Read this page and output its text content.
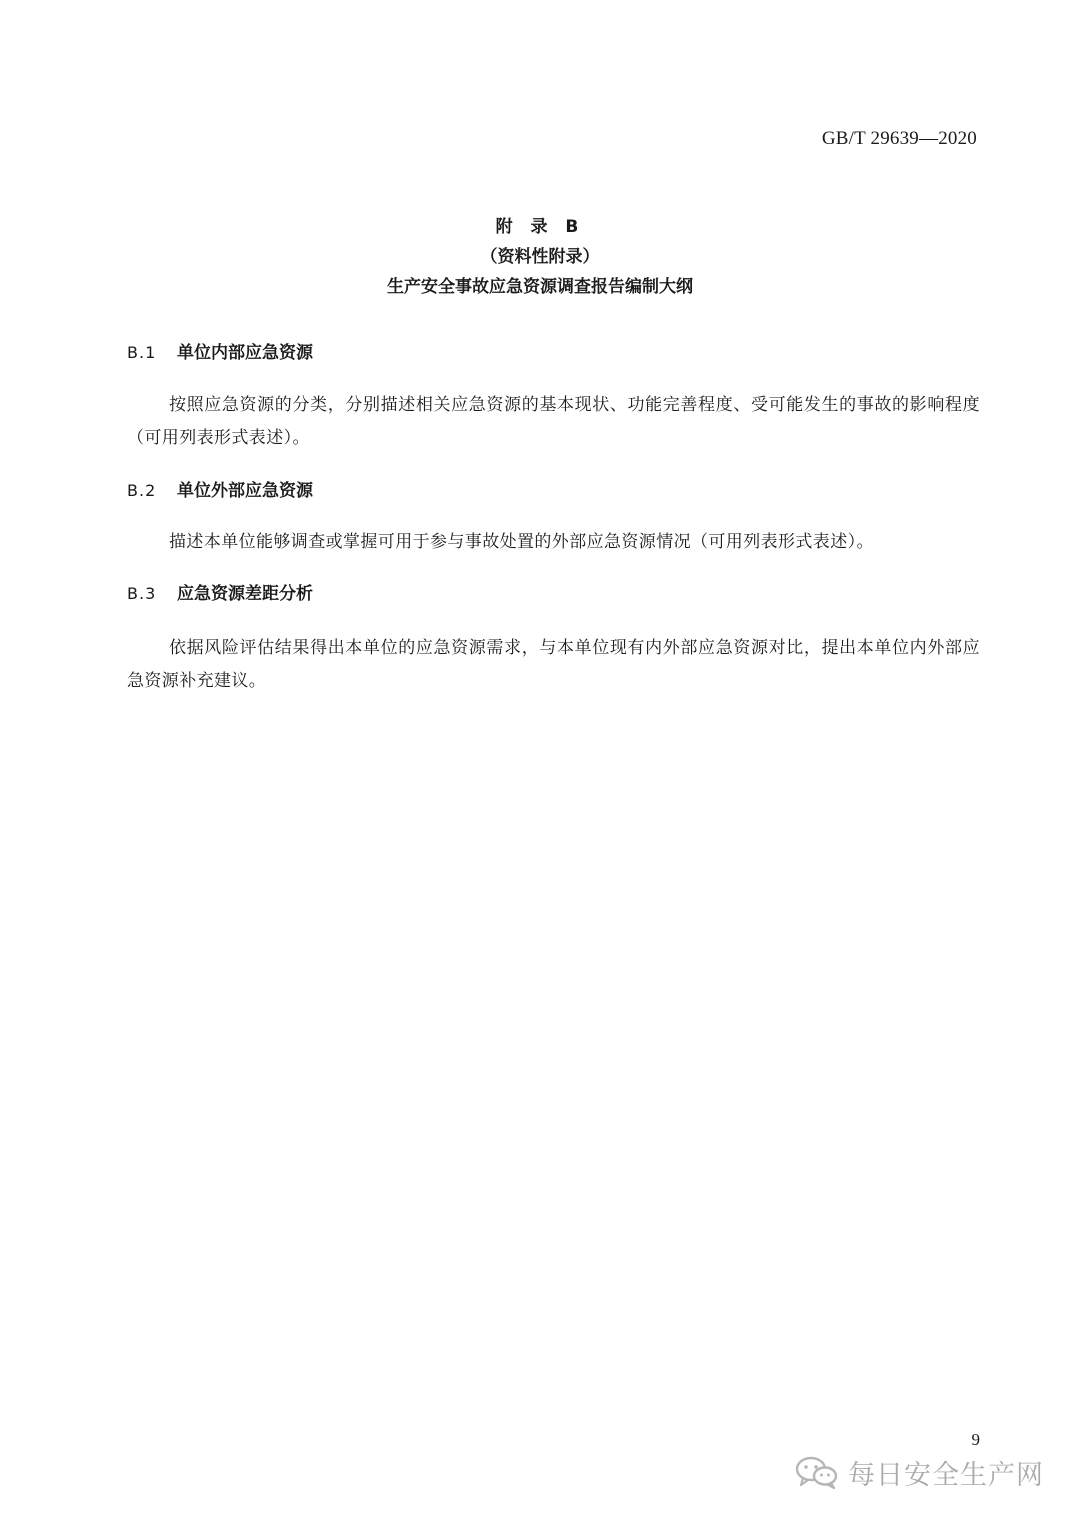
GB/T 29639—2020
附 录 B
（资料性附录）
生产安全事故应急资源调查报告编制大纲
B.1 单位内部应急资源
按照应急资源的分类，分别描述相关应急资源的基本现状、功能完善程度、受可能发生的事故的影响程度（可用列表形式表述）。
B.2 单位外部应急资源
描述本单位能够调查或掌握可用于参与事故处置的外部应急资源情况（可用列表形式表述）。
B.3 应急资源差距分析
依据风险评估结果得出本单位的应急资源需求，与本单位现有内外部应急资源对比，提出本单位内外部应急资源补充建议。
9
每日安全生产网
